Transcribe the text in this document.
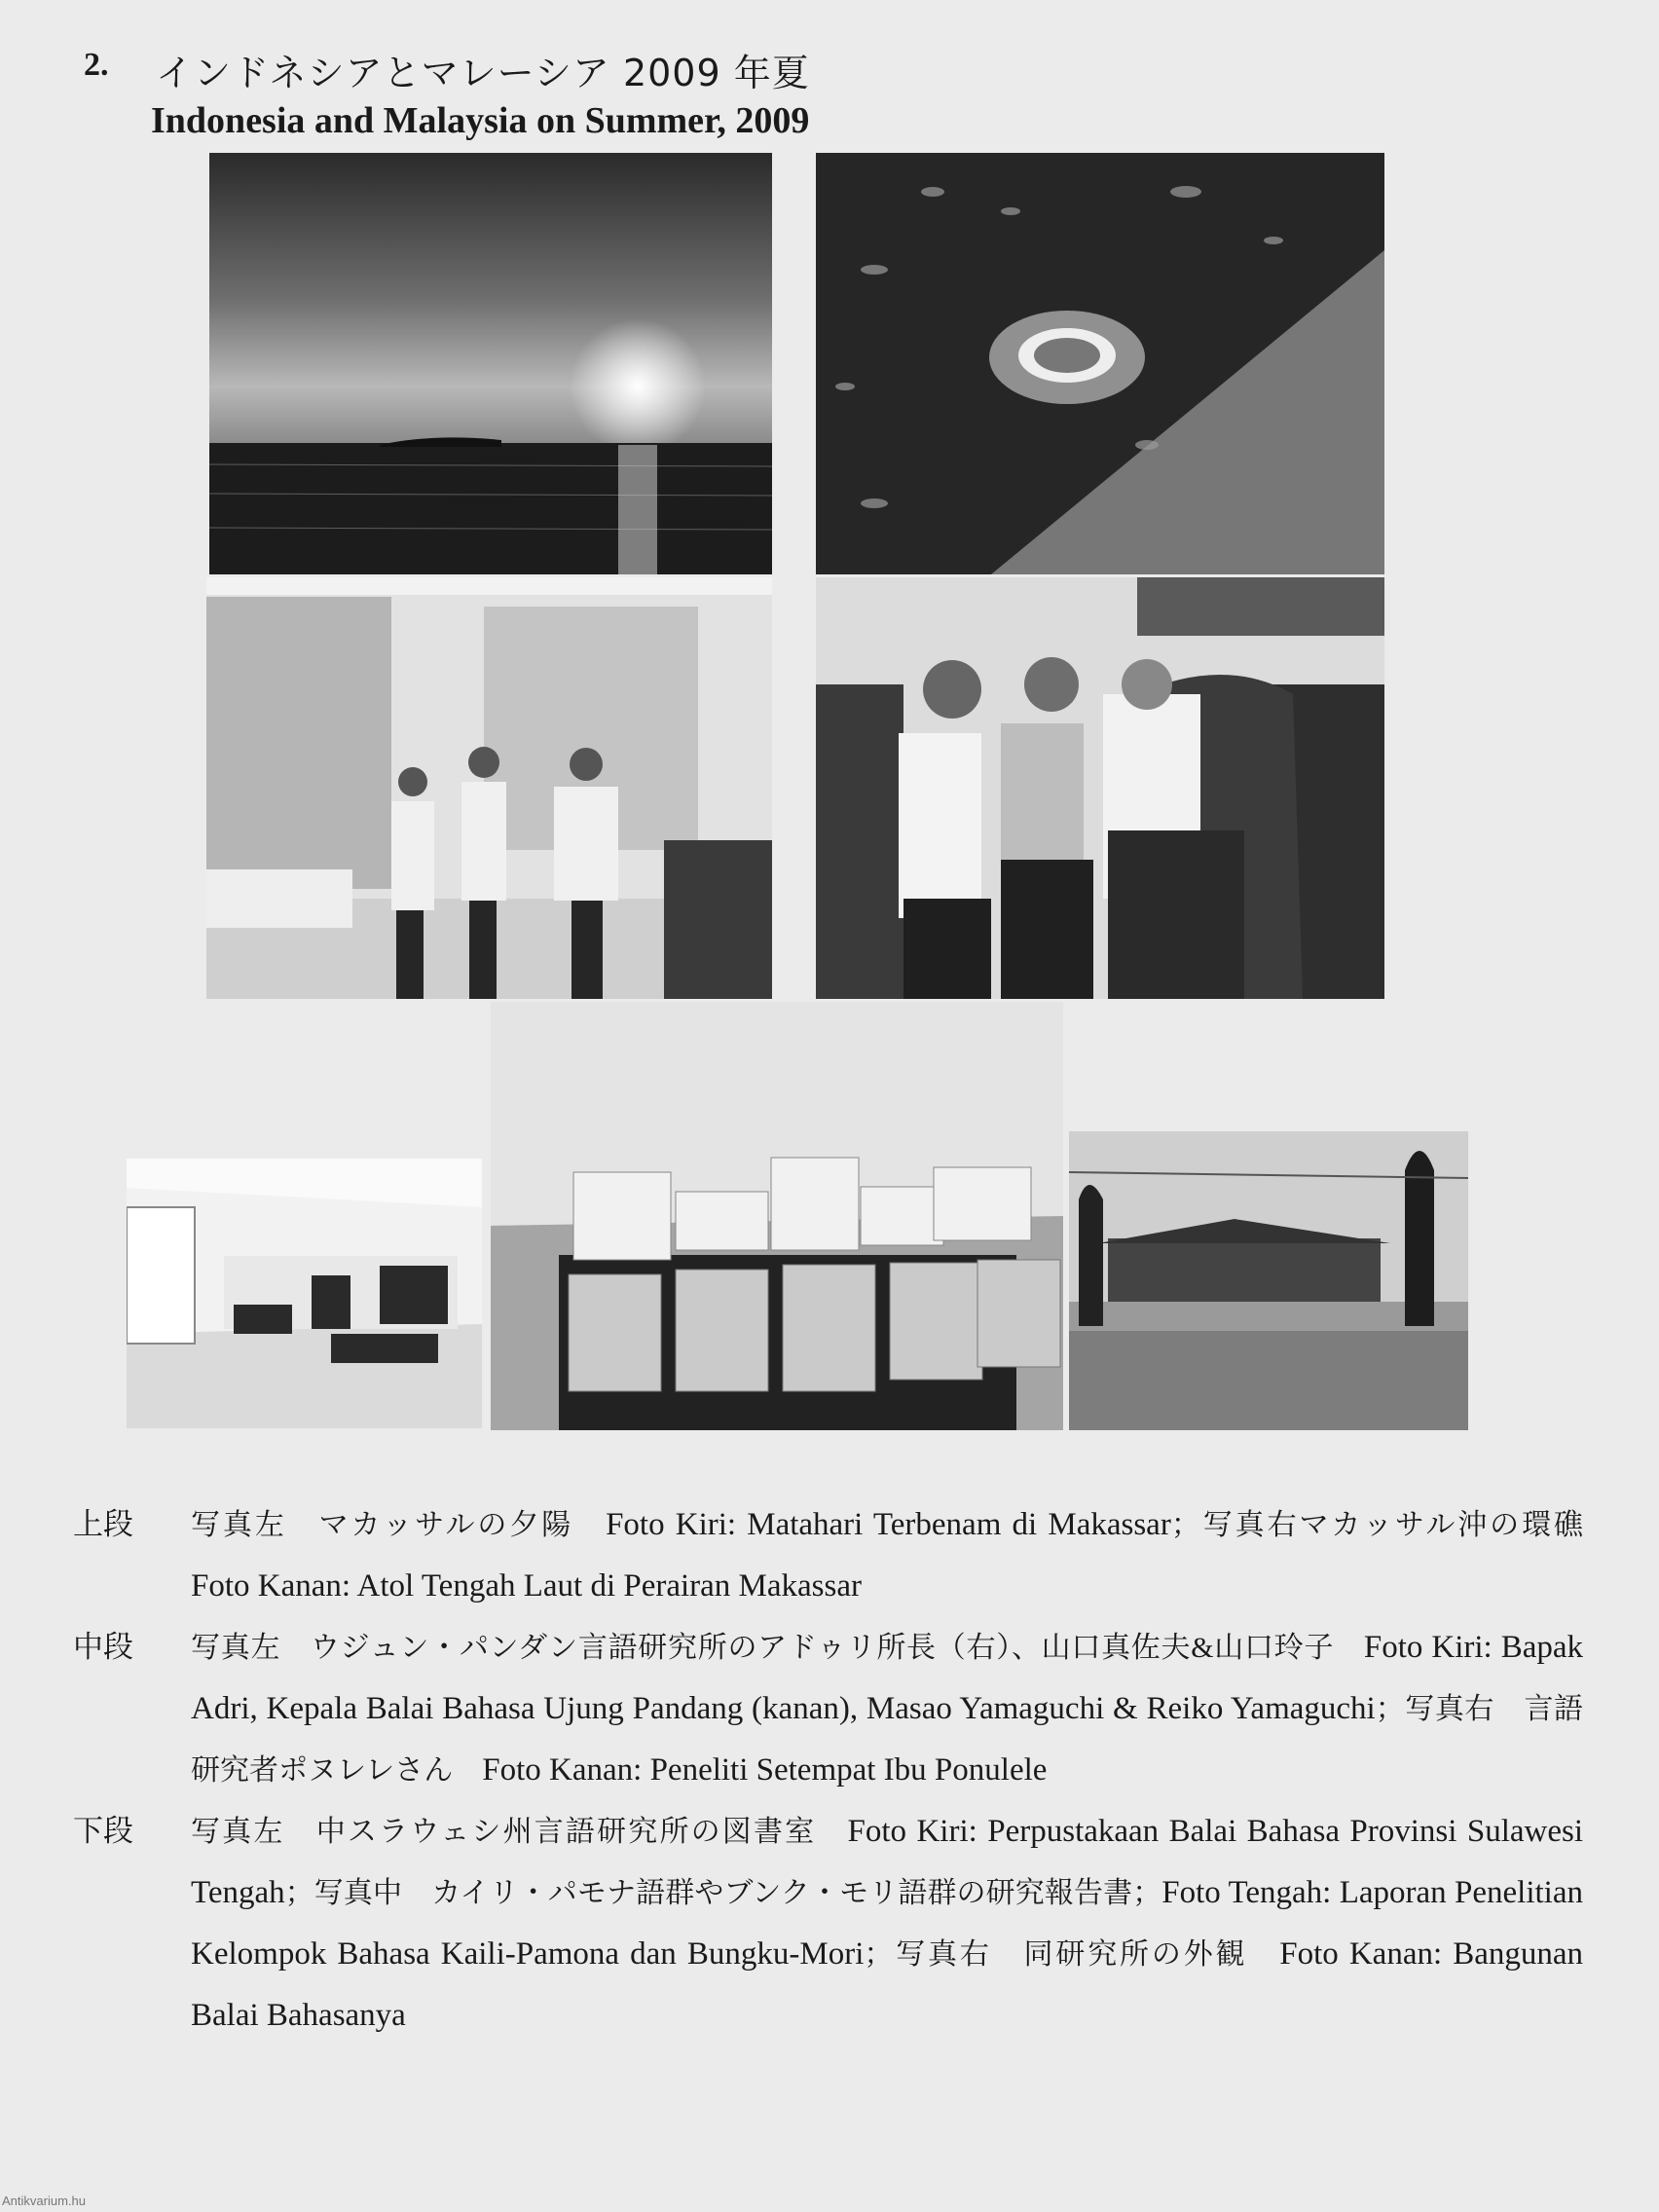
2. インドネシアとマレーシア 2009 年夏
Indonesia and Malaysia on Summer, 2009
上段	写真左　マカッサルの夕陽　Foto Kiri: Matahari Terbenam di Makassar；写真右マカッサル沖の環礁　Foto Kanan: Atol Tengah Laut di Perairan Makassar
中段	写真左　ウジュン・パンダン言語研究所のアドゥリ所長（右）、山口真佐夫&山口玲子　Foto Kiri: Bapak Adri, Kepala Balai Bahasa Ujung Pandang (kanan), Masao Yamaguchi & Reiko Yamaguchi；写真右　言語研究者ポヌレレさん　Foto Kanan: Peneliti Setempat Ibu Ponulele
下段	写真左　中スラウェシ州言語研究所の図書室　Foto Kiri: Perpustakaan Balai Bahasa Provinsi Sulawesi Tengah；写真中　カイリ・パモナ語群やブンク・モリ語群の研究報告書；Foto Tengah: Laporan Penelitian Kelompok Bahasa Kaili-Pamona dan Bungku-Mori；写真右　同研究所の外観　Foto Kanan: Bangunan Balai Bahasanya
Antikvarium.hu
